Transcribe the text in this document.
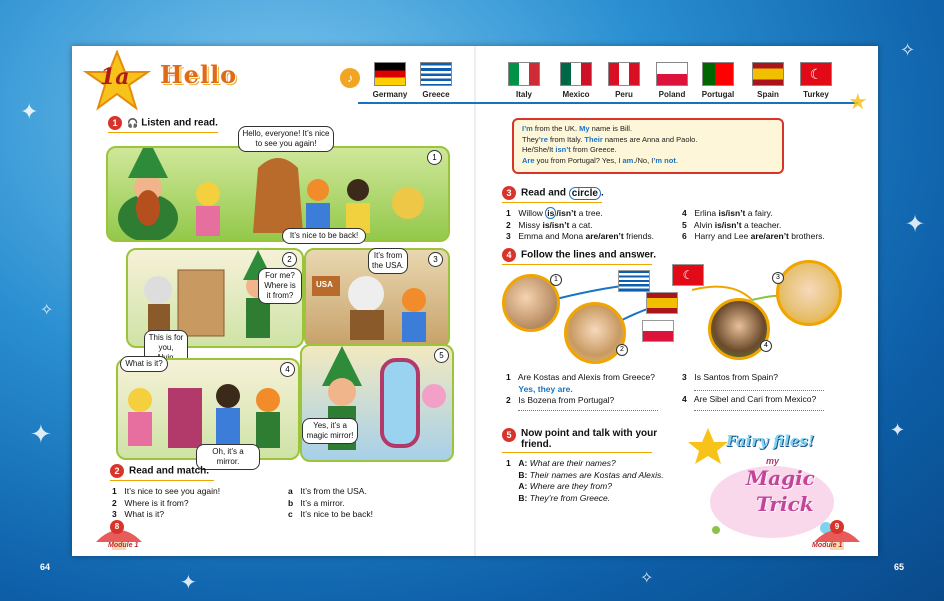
✦
✧
✦
✧
✦
✦
✦	✧
64	65
1a Hello	♪
★
Germany	Greece	Italy	Mexico	Peru	Poland	Portugal	Spain
☾
Turkey
1 🎧 Listen and read.
Hello, everyone! It’s nice to see you again!
It’s nice to be back!
1
For me? Where is it from?
This is for you,
2
USA
It’s from the USA.
3
What is it?
Oh, it’s a mirror.
4
Yes, it’s a magic mirror!
5
2 Read and match.
1 It’s nice to see you again!
2 Where is it from?
3 What is it?
a It’s from the USA.
b It’s a mirror.
c It’s nice to be back!
8
Module 1
I’m from the UK. My name is Bill.
They’re from Italy. Their names are Anna and Paolo.
He/She/It isn’t from Greece.
Are you from Portugal? Yes, I am./No, I’m not.
3 Read and circle .
1 Willow is /isn’t a tree.
2 Missy is/isn’t a cat.
3 Emma and Mona are/aren’t friends.
4 Erlina is/isn’t a fairy.
5 Alvin is/isn’t a teacher.
6 Harry and Lee are/aren’t brothers.
4 Follow the lines and answer.
1
2
3
4
☾
1 Are Kostas and Alexis from Greece?
Yes, they are.
2 Is Bozena from Portugal?
3 Is Santos from Spain?
4 Are Sibel and Cari from Mexico?
5 Now point and talk with your friend.
1 A: What are their names?
B: Their names are Kostas and Alexis.
A: Where are they from?
B: They’re from Greece.
Fairy files!
my
Magic
Trick
9
Module 1
